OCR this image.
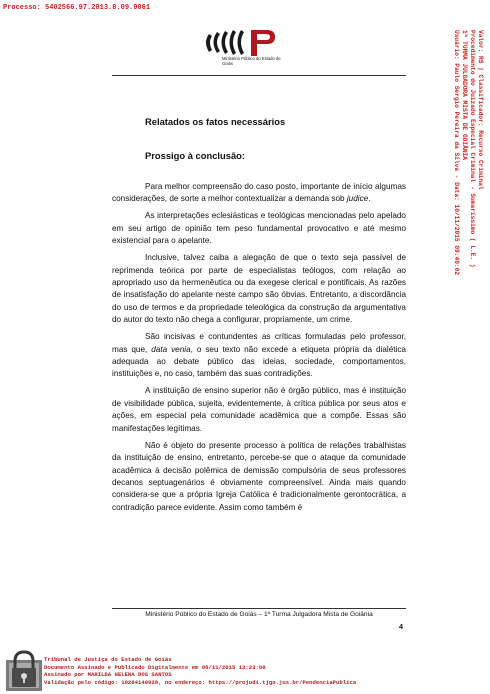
Processo: 5402566.97.2013.8.09.0061
Valor: R$ | Classificador: Recurso Criminal
Procedimento do Juizado Especial Criminal - Sumaríssimo ( L.E. )
1ª TURMA JULGADORA MISTA DE GOIÂNIA
Usuário: Paulo Sergio Pereira da Silva - Data: 10/11/2015 09:40:02
Ministério Público do Estado de Goiás
Relatados os fatos necessários
Prossigo à conclusão:

Para melhor compreensão do caso posto, importante de início algumas considerações, de sorte a melhor contextualizar a demanda sob judice.

As interpretações eclesiásticas e teológicas mencionadas pelo apelado em seu artigo de opinião tem peso fundamental provocativo e até mesmo existencial para o apelante.

Inclusive, talvez caiba a alegação de que o texto seja passível de reprimenda teórica por parte de especialistas teólogos, com relação ao apropriado uso da hermenêutica ou da exegese clerical e pontificais. As razões de insatisfação do apelante neste campo são óbvias. Entretanto, a discordância do uso de termos e da propriedade teleológica da construção da argumentativa do autor do texto não chega a configurar, propriamente, um crime.

São incisivas e contundentes as críticas formuladas pelo professor, mas que, data venia, o seu texto não excede a etiqueta própria da dialética adequada ao debate público das ideias, sociedade, comportamentos, instituições e, no caso, também das suas contradições.

A instituição de ensino superior não é órgão público, mas é instituição de visibilidade pública, sujeita, evidentemente, à crítica pública por seus atos e ações, em especial pela comunidade acadêmica que a compõe. Essas são manifestações legítimas.

Não é objeto do presente processo a política de relações trabalhistas da instituição de ensino, entretanto, percebe-se que o ataque da comunidade acadêmica à decisão polêmica de demissão compulsória de seus professores decanos septuagenários é obviamente compreensível. Ainda mais quando considera-se que a própria Igreja Católica é tradicionalmente gerontocrática, a contradição parece evidente. Assim como também é

Ministério Público do Estado de Goiás – 1ª Turma Julgadora Mista de Goiânia
4
Tribunal de Justiça do Estado de Goiás
Documento Assinado e Publicado Digitalmente em 06/11/2015 13:23:00
Assinado por MARILDA HELENA DOS SANTOS
Validação pelo código: 10264140928, no endereço: https://projudi.tjgo.jus.br/PendenciaPublica
